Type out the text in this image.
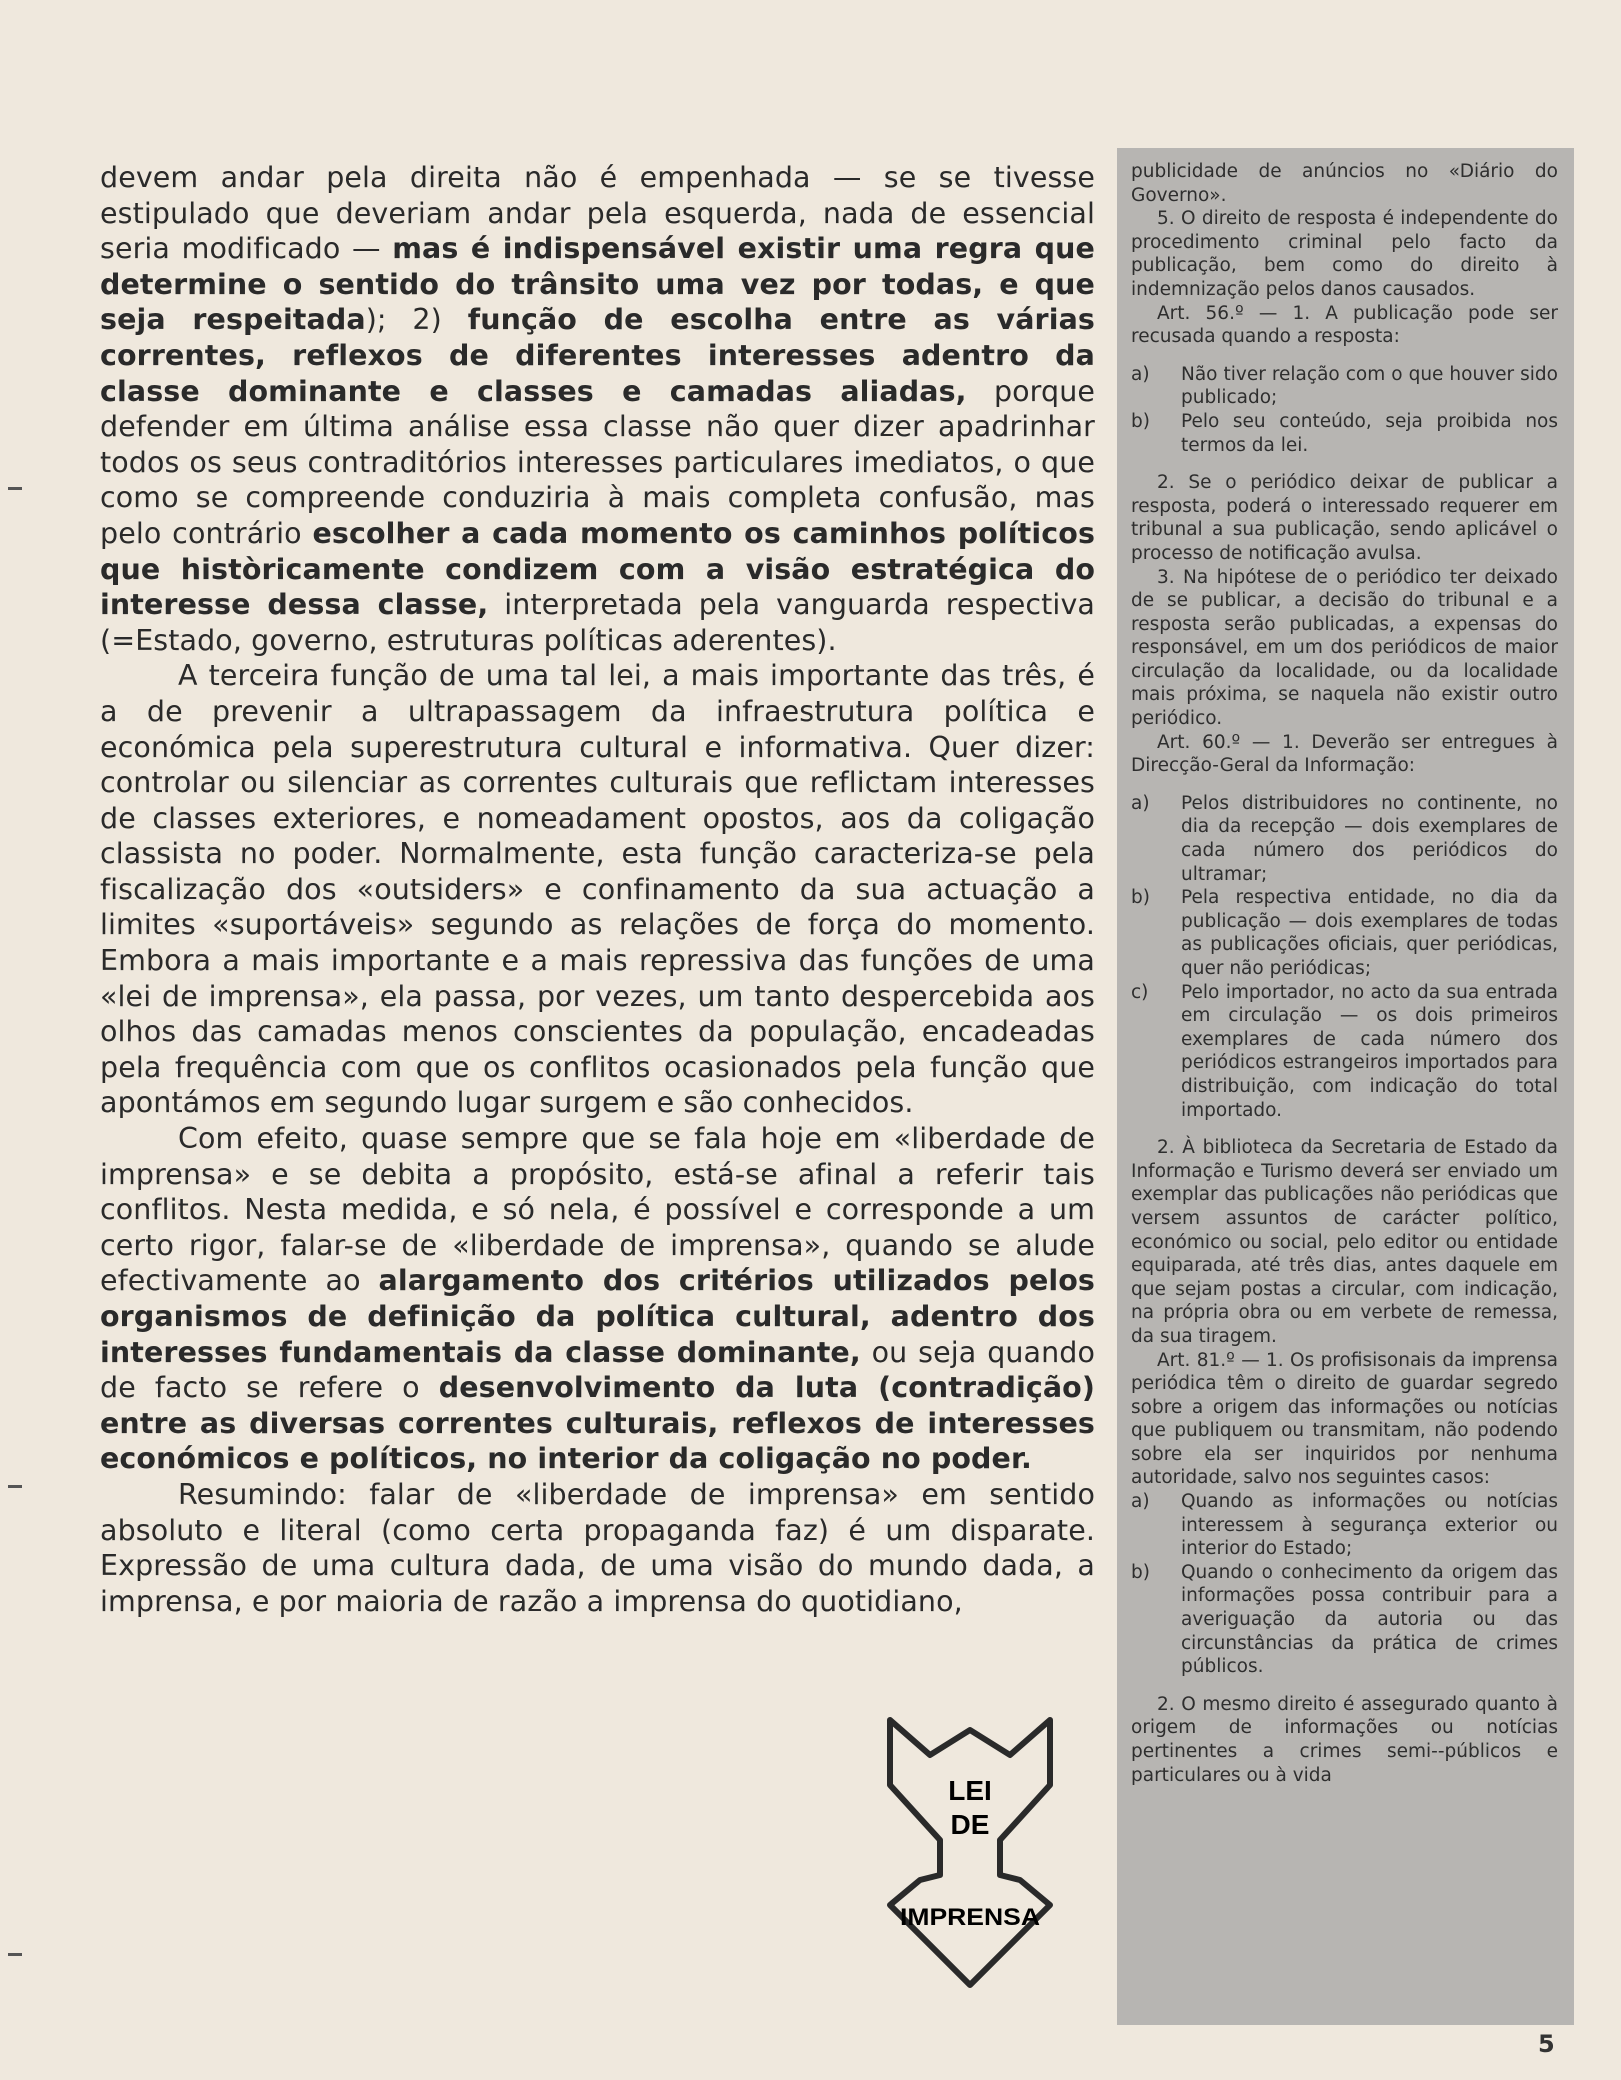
devem andar pela direita não é empenhada — se se tivesse estipulado que deveriam andar pela esquerda, nada de essencial seria modificado — mas é indispensável existir uma regra que determine o sentido do trânsito uma vez por todas, e que seja respeitada); 2) função de escolha entre as várias correntes, reflexos de diferentes interesses adentro da classe dominante e classes e camadas aliadas, porque defender em última análise essa classe não quer dizer apadrinhar todos os seus contraditórios interesses particulares imediatos, o que como se compreende conduziria à mais completa confusão, mas pelo contrário escolher a cada momento os caminhos políticos que històricamente condizem com a visão estratégica do interesse dessa classe, interpretada pela vanguarda respectiva (=Estado, governo, estruturas políticas aderentes).

A terceira função de uma tal lei, a mais importante das três, é a de prevenir a ultrapassagem da infraestrutura política e económica pela superestrutura cultural e informativa. Quer dizer: controlar ou silenciar as correntes culturais que reflictam interesses de classes exteriores, e nomeadament opostos, aos da coligação classista no poder. Normalmente, esta função caracteriza-se pela fiscalização dos «outsiders» e confinamento da sua actuação a limites «suportáveis» segundo as relações de força do momento. Embora a mais importante e a mais repressiva das funções de uma «lei de imprensa», ela passa, por vezes, um tanto despercebida aos olhos das camadas menos conscientes da população, encadeadas pela frequência com que os conflitos ocasionados pela função que apontámos em segundo lugar surgem e são conhecidos.

Com efeito, quase sempre que se fala hoje em «liberdade de imprensa» e se debita a propósito, está-se afinal a referir tais conflitos. Nesta medida, e só nela, é possível e corresponde a um certo rigor, falar-se de «liberdade de imprensa», quando se alude efectivamente ao alargamento dos critérios utilizados pelos organismos de definição da política cultural, adentro dos interesses fundamentais da classe dominante, ou seja quando de facto se refere o desenvolvimento da luta (contradição) entre as diversas correntes culturais, reflexos de interesses económicos e políticos, no interior da coligação no poder.

Resumindo: falar de «liberdade de imprensa» em sentido absoluto e literal (como certa propaganda faz) é um disparate. Expressão de uma cultura dada, de uma visão do mundo dada, a imprensa, e por maioria de razão a imprensa do quotidiano,

publicidade de anúncios no «Diário do Governo».

5. O direito de resposta é independente do procedimento criminal pelo facto da publicação, bem como do direito à indemnização pelos danos causados.

Art. 56.º — 1. A publicação pode ser recusada quando a resposta:

a)	Não tiver relação com o que houver sido publicado;
b)	Pelo seu conteúdo, seja proibida nos termos da lei.

2. Se o periódico deixar de publicar a resposta, poderá o interessado requerer em tribunal a sua publicação, sendo aplicável o processo de notificação avulsa.

3. Na hipótese de o periódico ter deixado de se publicar, a decisão do tribunal e a resposta serão publicadas, a expensas do responsável, em um dos periódicos de maior circulação da localidade, ou da localidade mais próxima, se naquela não existir outro periódico.

Art. 60.º — 1. Deverão ser entregues à Direcção-Geral da Informação:

a)	Pelos distribuidores no continente, no dia da recepção — dois exemplares de cada número dos periódicos do ultramar;
b)	Pela respectiva entidade, no dia da publicação — dois exemplares de todas as publicações oficiais, quer periódicas, quer não periódicas;
c)	Pelo importador, no acto da sua entrada em circulação — os dois primeiros exemplares de cada número dos periódicos estrangeiros importados para distribuição, com indicação do total importado.

2. À biblioteca da Secretaria de Estado da Informação e Turismo deverá ser enviado um exemplar das publicações não periódicas que versem assuntos de carácter político, económico ou social, pelo editor ou entidade equiparada, até três dias, antes daquele em que sejam postas a circular, com indicação, na própria obra ou em verbete de remessa, da sua tiragem.

Art. 81.º — 1. Os profisisonais da imprensa periódica têm o direito de guardar segredo sobre a origem das informações ou notícias que publiquem ou transmitam, não podendo sobre ela ser inquiridos por nenhuma autoridade, salvo nos seguintes casos:

a)	Quando as informações ou notícias interessem à segurança exterior ou interior do Estado;
b)	Quando o conhecimento da origem das informações possa contribuir para a averiguação da autoria ou das circunstâncias da prática de crimes públicos.

2. O mesmo direito é assegurado quanto à origem de informações ou notícias pertinentes a crimes semi--públicos e particulares ou à vida

LEI
DE
IMPRENSA
5
